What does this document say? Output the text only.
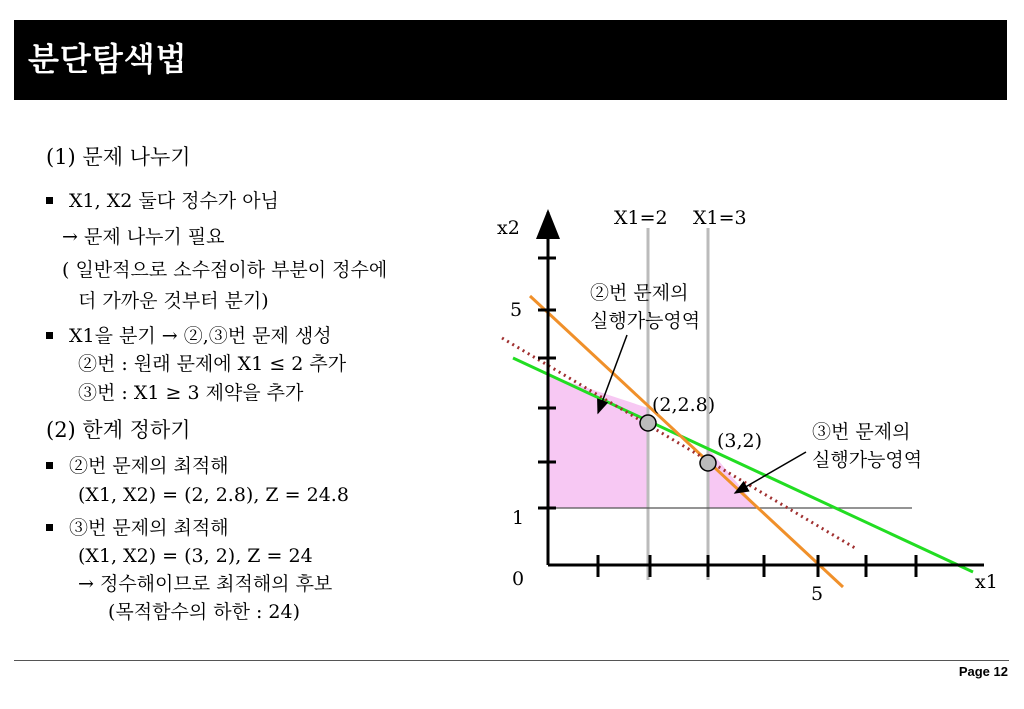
분단탐색법
(1) 문제 나누기
X1, X2 둘다 정수가 아님
→ 문제 나누기 필요
( 일반적으로 소수점이하 부분이 정수에
더 가까운 것부터 분기)
X1을 분기 → ②,③번 문제 생성
②번 : 원래 문제에 X1 ≤ 2 추가
③번 : X1 ≥ 3 제약을 추가
(2) 한계 정하기
②번 문제의 최적해
(X1, X2) = (2, 2.8), Z = 24.8
③번 문제의 최적해
(X1, X2) = (3, 2), Z = 24
→ 정수해이므로 최적해의 후보
(목적함수의 하한 : 24)
x2
x1
0
5
1
5
X1=2 X1=3
(2,2.8)
(3,2)
②번 문제의
실행가능영역
③번 문제의
실행가능영역
Page 12
